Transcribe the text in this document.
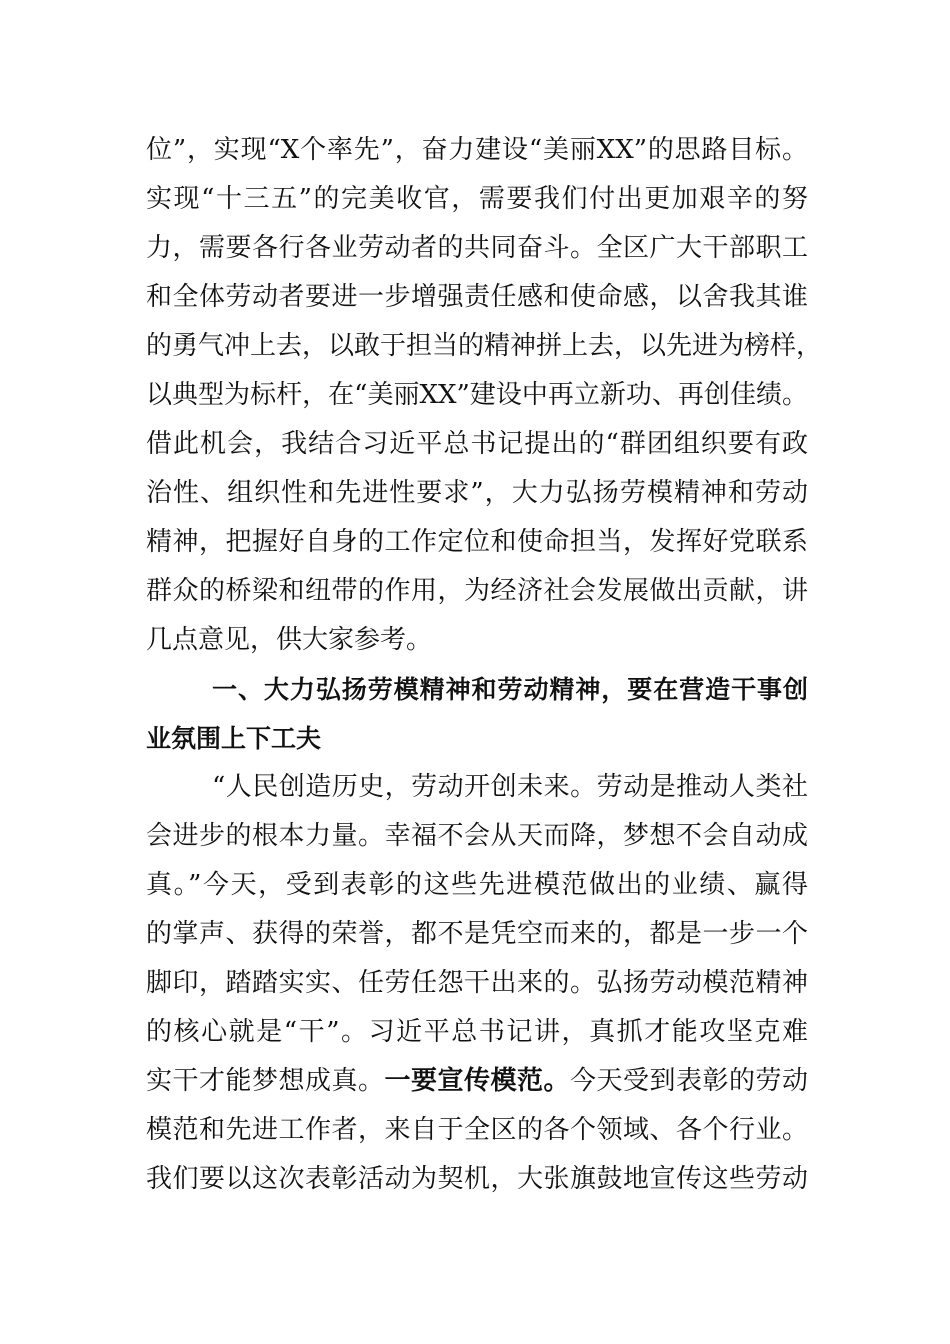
位”，实现“X个率先”，奋力建设“美丽XX”的思路目标。
实现“十三五”的完美收官，需要我们付出更加艰辛的努
力，需要各行各业劳动者的共同奋斗。全区广大干部职工
和全体劳动者要进一步增强责任感和使命感，以舍我其谁
的勇气冲上去，以敢于担当的精神拼上去，以先进为榜样，
以典型为标杆，在“美丽XX”建设中再立新功、再创佳绩。
借此机会，我结合习近平总书记提出的“群团组织要有政
治性、组织性和先进性要求”，大力弘扬劳模精神和劳动
精神，把握好自身的工作定位和使命担当，发挥好党联系
群众的桥梁和纽带的作用，为经济社会发展做出贡献，讲
几点意见，供大家参考。
一、大力弘扬劳模精神和劳动精神，要在营造干事创
业氛围上下工夫
“人民创造历史，劳动开创未来。劳动是推动人类社
会进步的根本力量。幸福不会从天而降，梦想不会自动成
真。”今天，受到表彰的这些先进模范做出的业绩、赢得
的掌声、获得的荣誉，都不是凭空而来的，都是一步一个
脚印，踏踏实实、任劳任怨干出来的。弘扬劳动模范精神
的核心就是“干”。习近平总书记讲，真抓才能攻坚克难
实干才能梦想成真。一要宣传模范。今天受到表彰的劳动
模范和先进工作者，来自于全区的各个领域、各个行业。
我们要以这次表彰活动为契机，大张旗鼓地宣传这些劳动
